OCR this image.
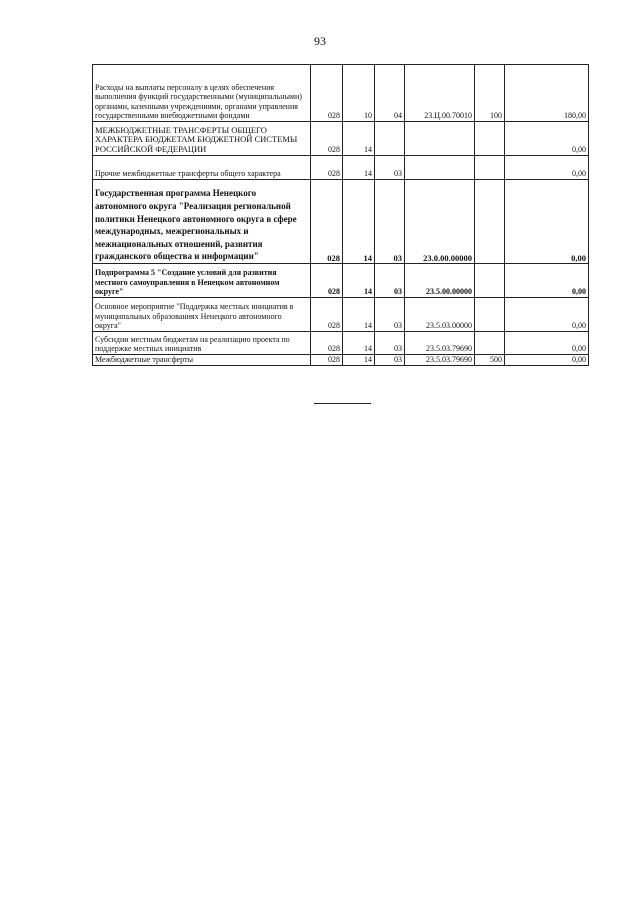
93
Расходы на выплаты персоналу в целях обеспечения выполнения функций государственными (муниципальными) органами, казенными учреждениями, органами управления государственными внебюджетными фондами	028	10	04	23.Ц.00.70010	100	180,00
МЕЖБЮДЖЕТНЫЕ ТРАНСФЕРТЫ ОБЩЕГО ХАРАКТЕРА БЮДЖЕТАМ БЮДЖЕТНОЙ СИСТЕМЫ РОССИЙСКОЙ ФЕДЕРАЦИИ	028	14				0,00
Прочие межбюджетные трансферты общего характера	028	14	03			0,00
Государственная программа Ненецкого автономного округа "Реализация региональной политики Ненецкого автономного округа в сфере международных, межрегиональных и межнациональных отношений, развития гражданского общества и информации"	028	14	03	23.0.00.00000		0,00
Подпрограмма 5 "Создание условий для развития местного самоуправления в Ненецком автономном округе"	028	14	03	23.5.00.00000		0,00
Основное мероприятие "Поддержка местных инициатив в муниципальных образованиях Ненецкого автономного округа"	028	14	03	23.5.03.00000		0,00
Субсидии местным бюджетам на реализацию проекта по поддержке местных инициатив	028	14	03	23.5.03.79690		0,00
Межбюджетные трансферты	028	14	03	23.5.03.79690	500	0,00
